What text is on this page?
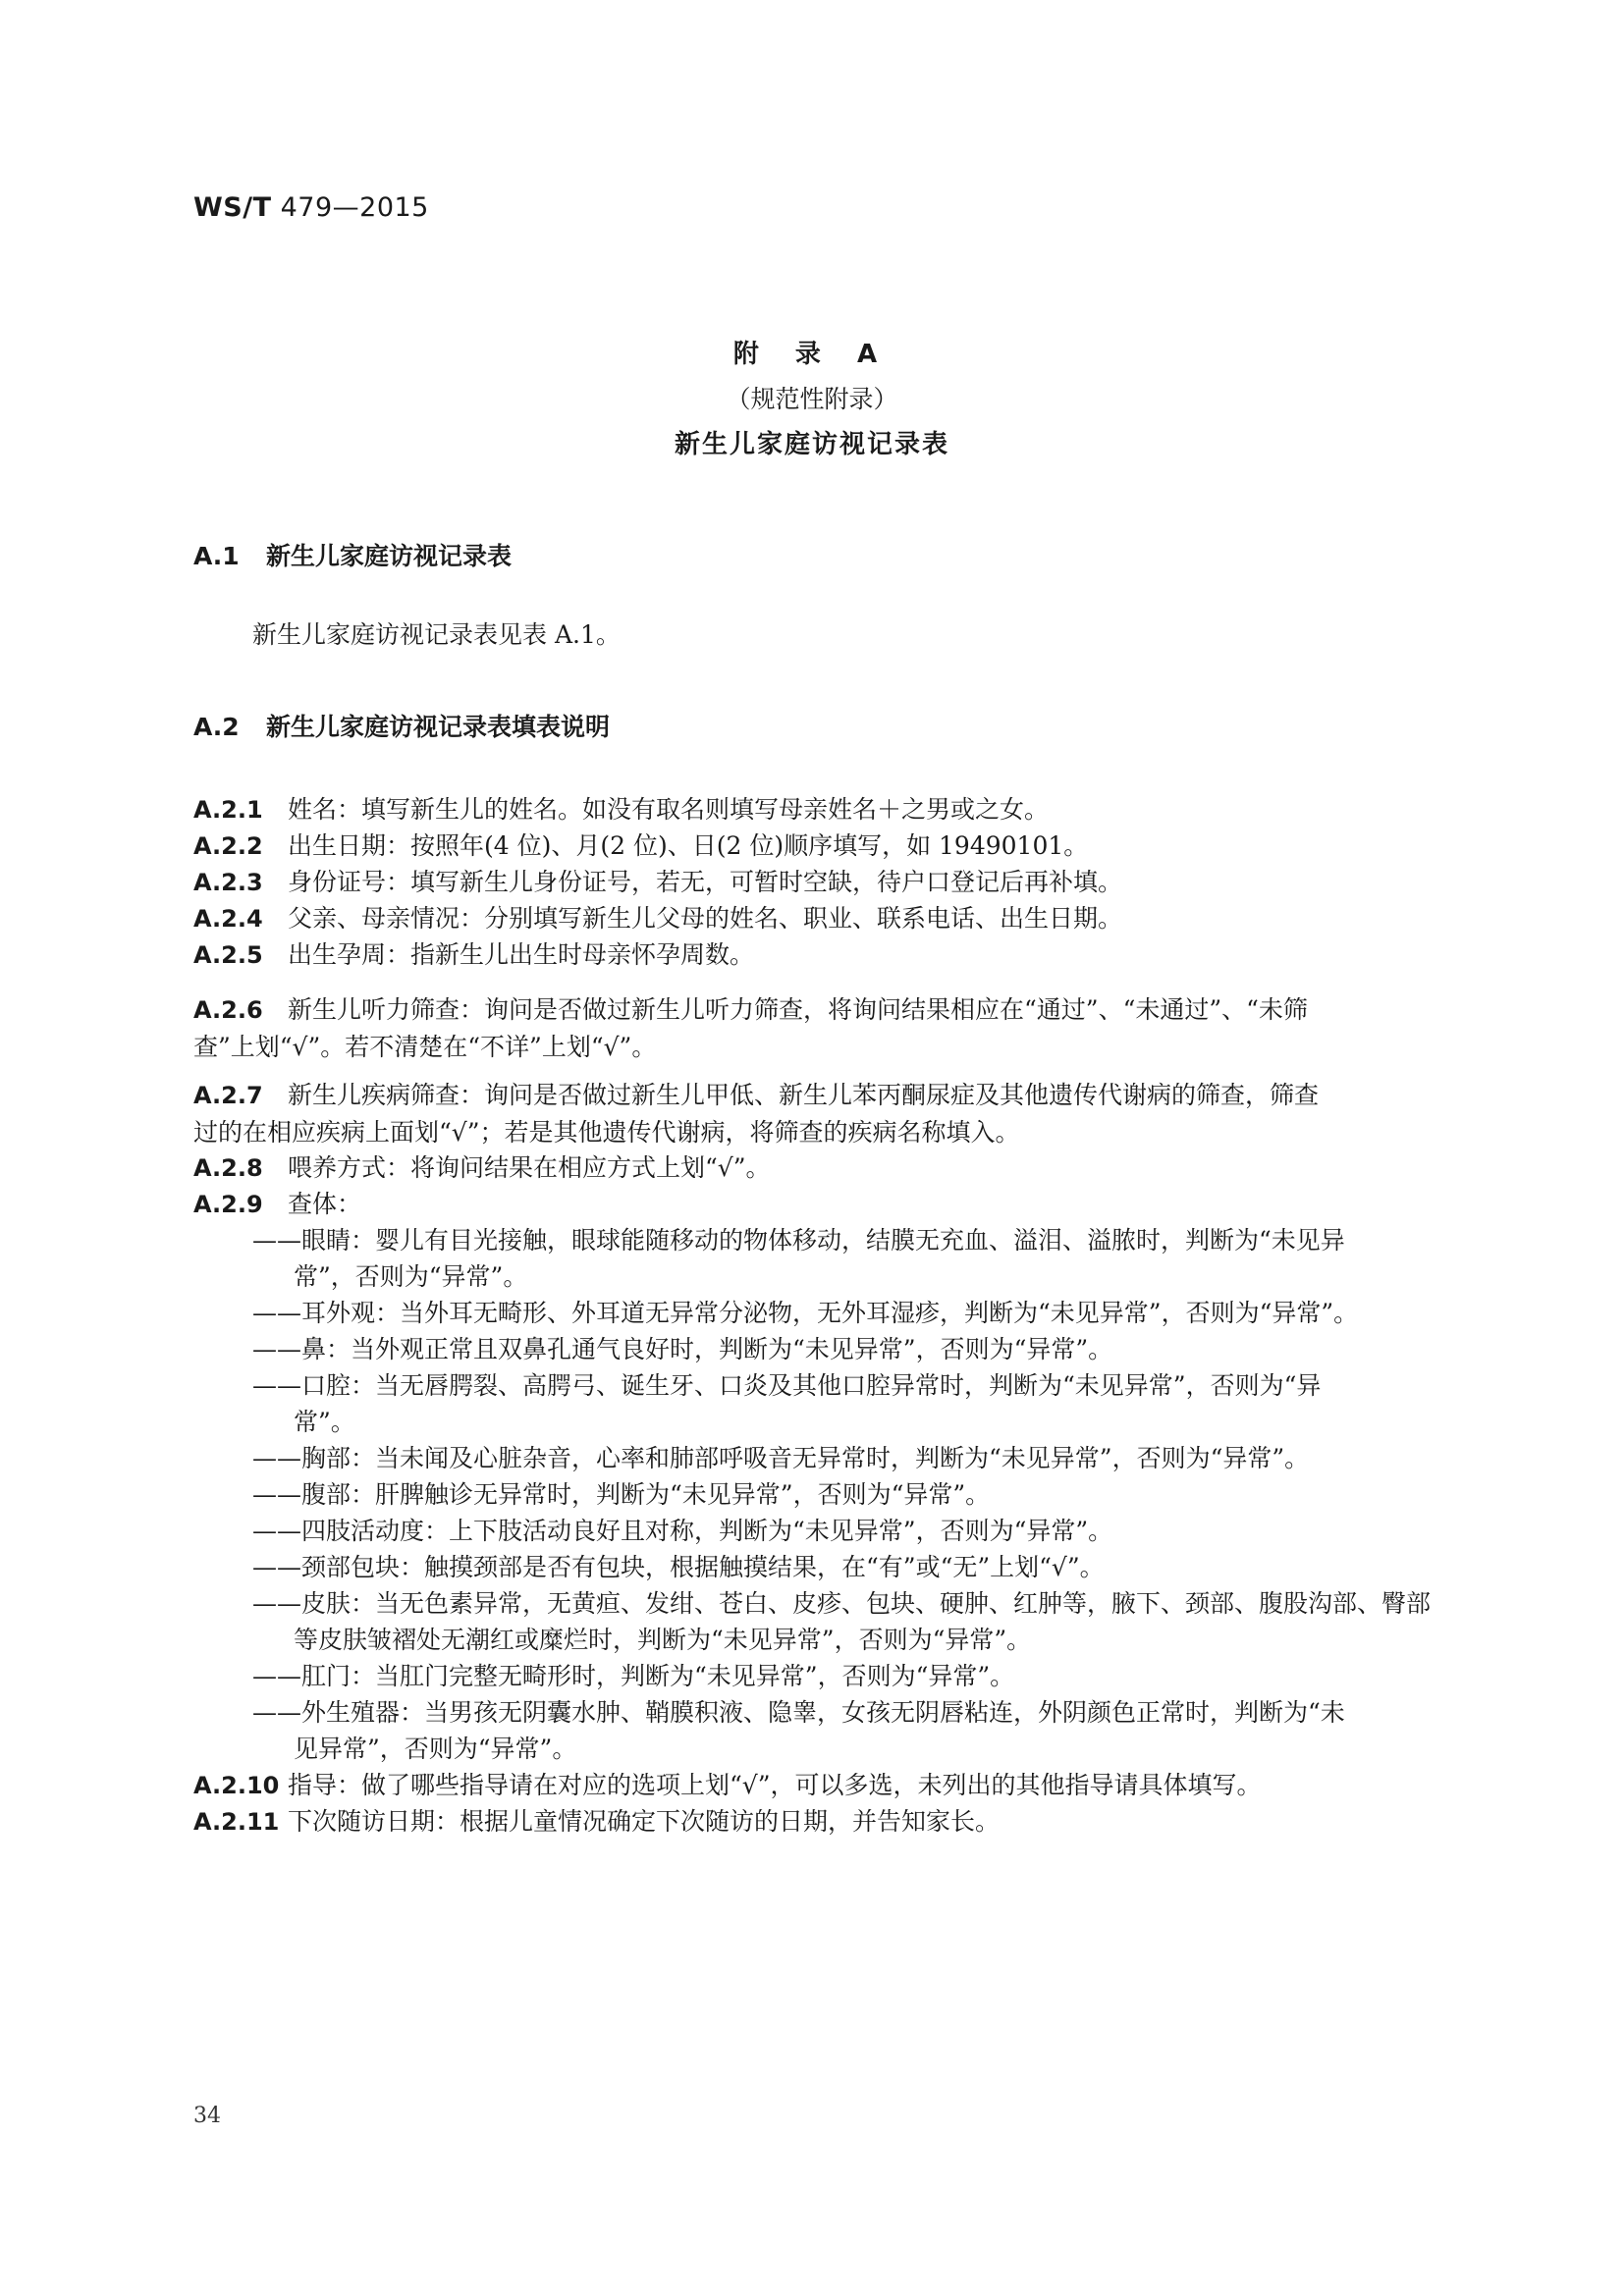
WS/T 479—2015
附 录 A
（规范性附录）
新生儿家庭访视记录表
A.1 新生儿家庭访视记录表
新生儿家庭访视记录表见表 A.1。
A.2 新生儿家庭访视记录表填表说明
A.2.1 姓名：填写新生儿的姓名。如没有取名则填写母亲姓名＋之男或之女。
A.2.2 出生日期：按照年(4 位)、月(2 位)、日(2 位)顺序填写，如 19490101。
A.2.3 身份证号：填写新生儿身份证号，若无，可暂时空缺，待户口登记后再补填。
A.2.4 父亲、母亲情况：分别填写新生儿父母的姓名、职业、联系电话、出生日期。
A.2.5 出生孕周：指新生儿出生时母亲怀孕周数。
A.2.6 新生儿听力筛查：询问是否做过新生儿听力筛查，将询问结果相应在“通过”、“未通过”、“未筛
查”上划“√”。若不清楚在“不详”上划“√”。
A.2.7 新生儿疾病筛查：询问是否做过新生儿甲低、新生儿苯丙酮尿症及其他遗传代谢病的筛查，筛查
过的在相应疾病上面划“√”；若是其他遗传代谢病，将筛查的疾病名称填入。
A.2.8 喂养方式：将询问结果在相应方式上划“√”。
A.2.9 查体：
——眼睛：婴儿有目光接触，眼球能随移动的物体移动，结膜无充血、溢泪、溢脓时，判断为“未见异
常”，否则为“异常”。
——耳外观：当外耳无畸形、外耳道无异常分泌物，无外耳湿疹，判断为“未见异常”，否则为“异常”。
——鼻：当外观正常且双鼻孔通气良好时，判断为“未见异常”，否则为“异常”。
——口腔：当无唇腭裂、高腭弓、诞生牙、口炎及其他口腔异常时，判断为“未见异常”，否则为“异
常”。
——胸部：当未闻及心脏杂音，心率和肺部呼吸音无异常时，判断为“未见异常”，否则为“异常”。
——腹部：肝脾触诊无异常时，判断为“未见异常”，否则为“异常”。
——四肢活动度：上下肢活动良好且对称，判断为“未见异常”，否则为“异常”。
——颈部包块：触摸颈部是否有包块，根据触摸结果，在“有”或“无”上划“√”。
——皮肤：当无色素异常，无黄疸、发绀、苍白、皮疹、包块、硬肿、红肿等，腋下、颈部、腹股沟部、臀部
等皮肤皱褶处无潮红或糜烂时，判断为“未见异常”，否则为“异常”。
——肛门：当肛门完整无畸形时，判断为“未见异常”，否则为“异常”。
——外生殖器：当男孩无阴囊水肿、鞘膜积液、隐睾，女孩无阴唇粘连，外阴颜色正常时，判断为“未
见异常”，否则为“异常”。
A.2.10 指导：做了哪些指导请在对应的选项上划“√”，可以多选，未列出的其他指导请具体填写。
A.2.11 下次随访日期：根据儿童情况确定下次随访的日期，并告知家长。
34
